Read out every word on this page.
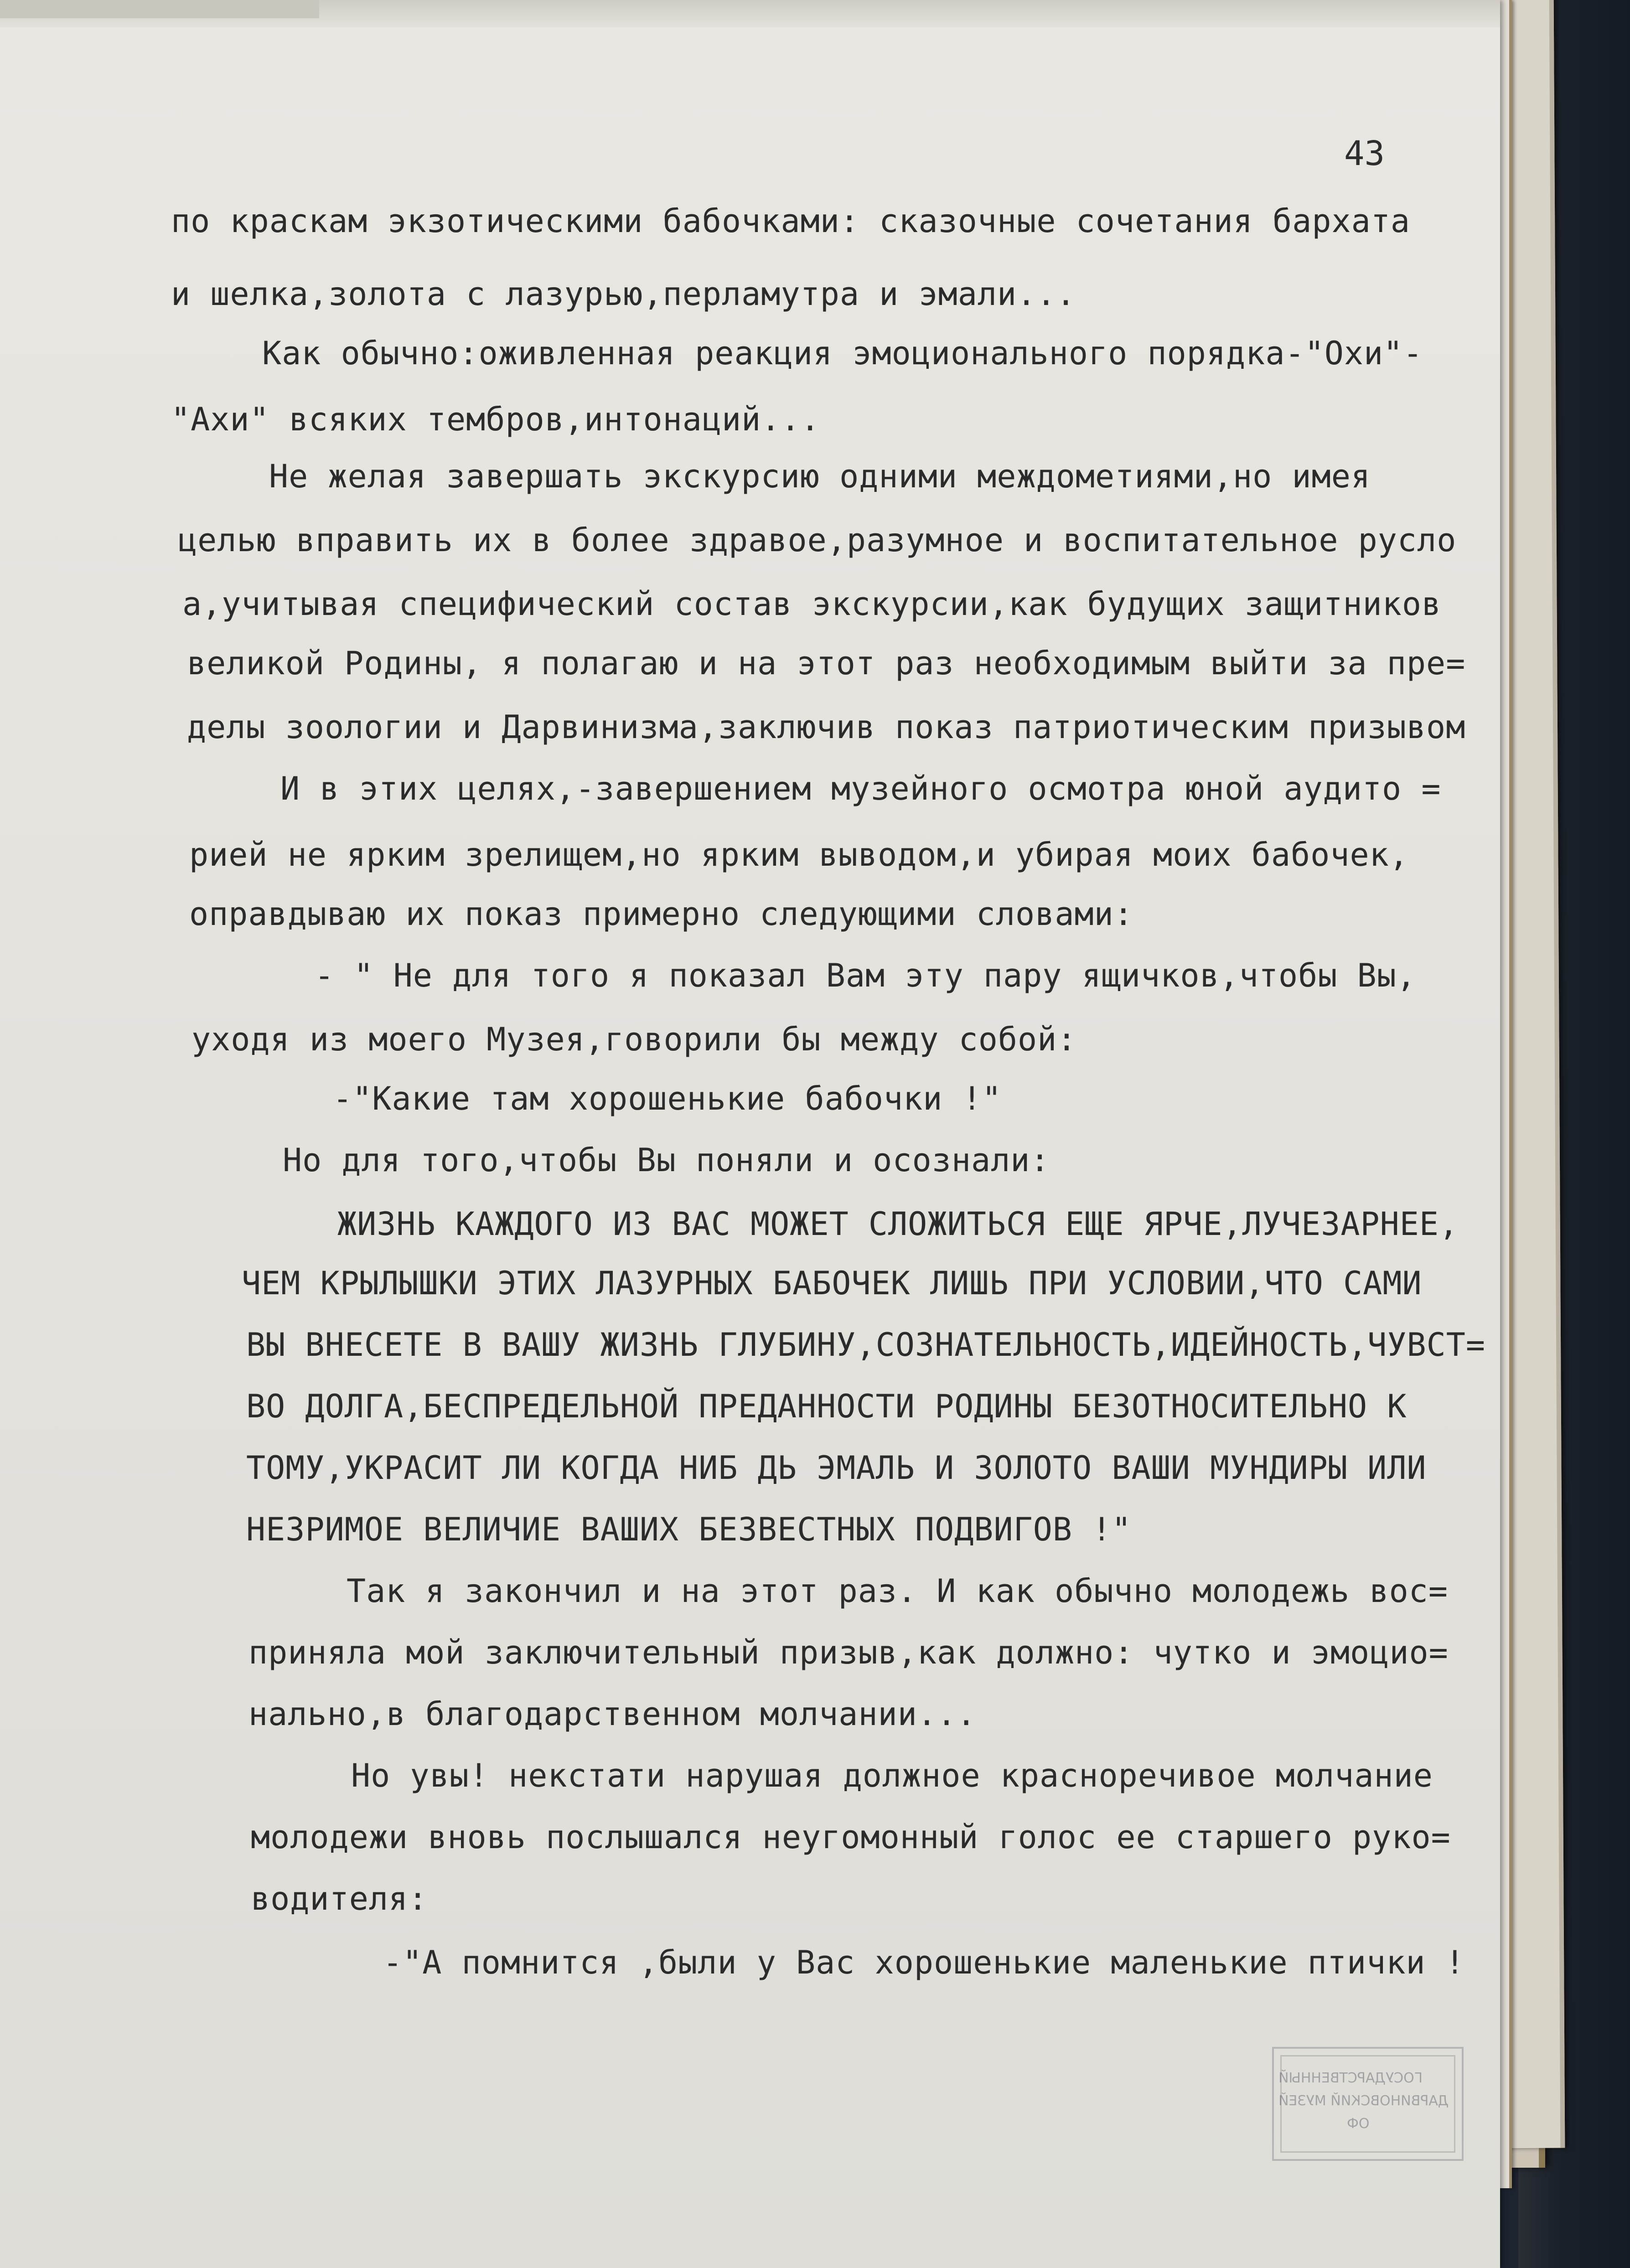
43
по краскам экзотическими бабочками: сказочные сочетания бархата
и шелка,золота с лазурью,перламутра и эмали...
Как обычно:оживленная реакция эмоционального порядка-"Охи"-
"Ахи" всяких тембров,интонаций...
Не желая завершать экскурсию одними междометиями,но имея
целью вправить их в более здравое,разумное и воспитательное русло
а,учитывая специфический состав экскурсии,как будущих защитников
великой Родины, я полагаю и на этот раз необходимым выйти за пре=
делы зоологии и Дарвинизма,заключив показ патриотическим призывом
И в этих целях,-завершением музейного осмотра юной аудито =
рией не ярким зрелищем,но ярким выводом,и убирая моих бабочек,
оправдываю их показ примерно следующими словами:
- " Не для того я показал Вам эту пару ящичков,чтобы Вы,
уходя из моего Музея,говорили бы между собой:
-"Какие там хорошенькие бабочки !"
Но для того,чтобы Вы поняли и осознали:
ЖИЗНЬ КАЖДОГО ИЗ ВАС МОЖЕТ СЛОЖИТЬСЯ ЕЩЕ ЯРЧЕ,ЛУЧЕЗАРНЕЕ,
ЧЕМ КРЫЛЫШКИ ЭТИХ ЛАЗУРНЫХ БАБОЧЕК ЛИШЬ ПРИ УСЛОВИИ,ЧТО САМИ
ВЫ ВНЕСЕТЕ В ВАШУ ЖИЗНЬ ГЛУБИНУ,СОЗНАТЕЛЬНОСТЬ,ИДЕЙНОСТЬ,ЧУВСТ=
ВО ДОЛГА,БЕСПРЕДЕЛЬНОЙ ПРЕДАННОСТИ РОДИНЫ БЕЗОТНОСИТЕЛЬНО К
ТОМУ,УКРАСИТ ЛИ КОГДА НИБ ДЬ ЭМАЛЬ И ЗОЛОТО ВАШИ МУНДИРЫ ИЛИ
НЕЗРИМОЕ ВЕЛИЧИЕ ВАШИХ БЕЗВЕСТНЫХ ПОДВИГОВ !"
Так я закончил и на этот раз. И как обычно молодежь вос=
приняла мой заключительный призыв,как должно: чутко и эмоцио=
нально,в благодарственном молчании...
Но увы! некстати нарушая должное красноречивое молчание
молодежи вновь послышался неугомонный голос ее старшего руко=
водителя:
-"А помнится ,были у Вас хорошенькие маленькие птички !
ГОСУДАРСТВЕННЫЙ
ДАРВИНОВСКИЙ МУЗЕЙ
ОФ
